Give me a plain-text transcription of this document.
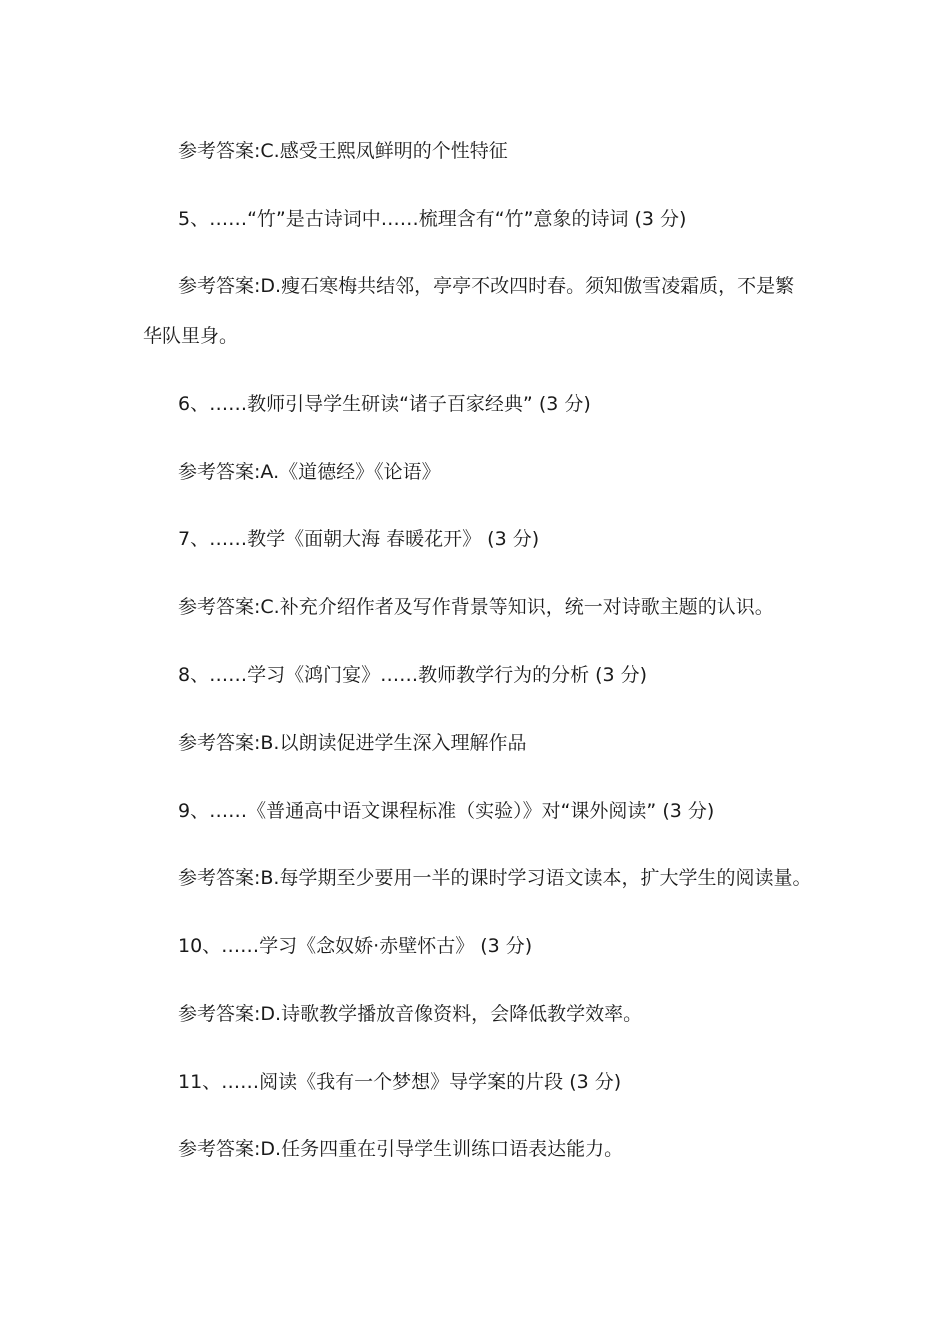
参考答案:C.感受王熙凤鲜明的个性特征
5、……“竹”是古诗词中……梳理含有“竹”意象的诗词 (3 分)
参考答案:D.瘦石寒梅共结邻，亭亭不改四时春。须知傲雪凌霜质，不是繁
华队里身。
6、……教师引导学生研读“诸子百家经典” (3 分)
参考答案:A.《道德经》《论语》
7、……教学《面朝大海 春暖花开》 (3 分)
参考答案:C.补充介绍作者及写作背景等知识，统一对诗歌主题的认识。
8、……学习《鸿门宴》……教师教学行为的分析 (3 分)
参考答案:B.以朗读促进学生深入理解作品
9、……《普通高中语文课程标准（实验）》对“课外阅读” (3 分)
参考答案:B.每学期至少要用一半的课时学习语文读本，扩大学生的阅读量。
10、……学习《念奴娇·赤壁怀古》 (3 分)
参考答案:D.诗歌教学播放音像资料，会降低教学效率。
11、……阅读《我有一个梦想》导学案的片段 (3 分)
参考答案:D.任务四重在引导学生训练口语表达能力。
